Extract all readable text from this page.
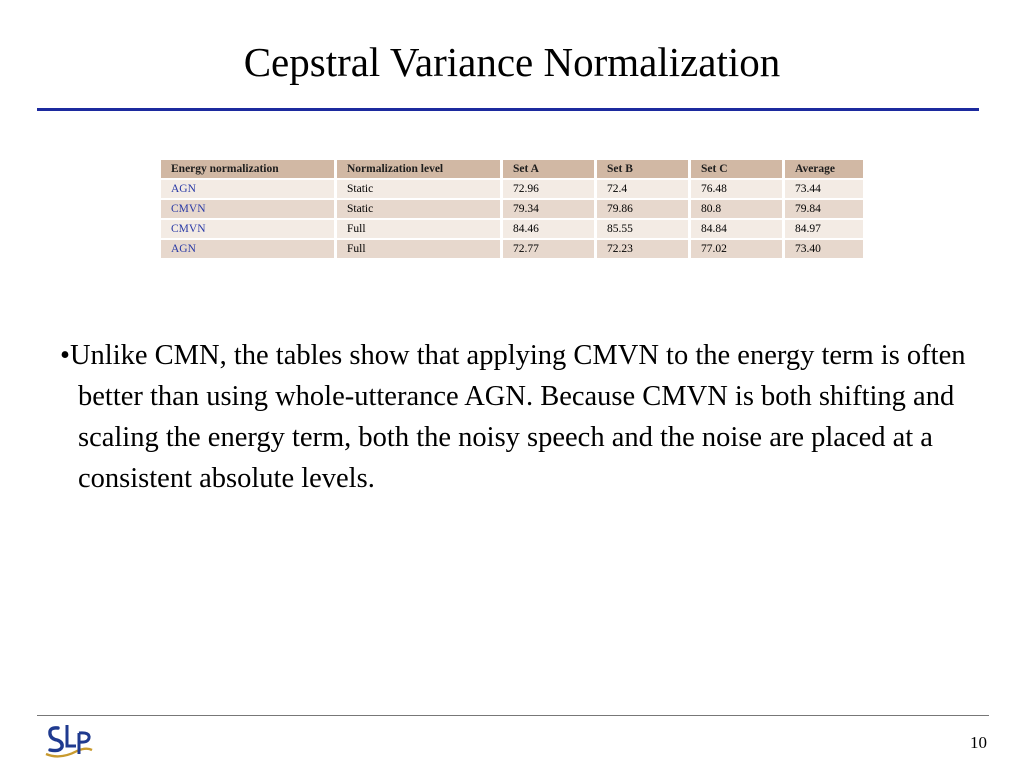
Cepstral Variance Normalization
Energy normalization	Normalization level	Set A	Set B	Set C	Average
AGN	Static	72.96	72.4	76.48	73.44
CMVN	Static	79.34	79.86	80.8	79.84
CMVN	Full	84.46	85.55	84.84	84.97
AGN	Full	72.77	72.23	77.02	73.40

•Unlike CMN, the tables show that applying CMVN to the energy term is often better than using whole-utterance AGN. Because CMVN is both shifting and scaling the energy term, both the noisy speech and the noise are placed at a consistent absolute levels.

10
